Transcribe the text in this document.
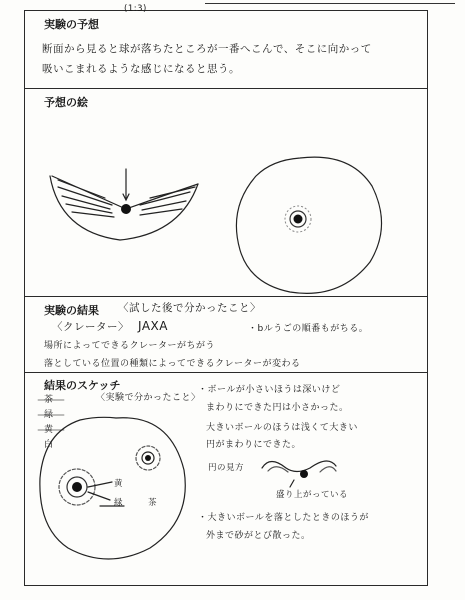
実験の予想
(1:3)
断面から見ると球が落ちたところが一番へこんで、そこに向かって
吸いこまれるような感じになると思う。
予想の絵
実験の結果 〈試した後で分かったこと〉
〈クレーター〉 JAXA	・bルうごの順番もがちる。
場所によってできるクレーターがちがう
落としている位置の種類によってできるクレーターが変わる
結果のスケッチ
〈実験で分かったこと〉
茶
緑
黄
白
黄
緑	茶
・ボールが小さいほうは深いけど
まわりにできた円は小さかった。
大きいボールのほうは浅くて大きい
円がまわりにできた。
円の見方
盛り上がっている
・大きいボールを落としたときのほうが
外まで砂がとび散った。
